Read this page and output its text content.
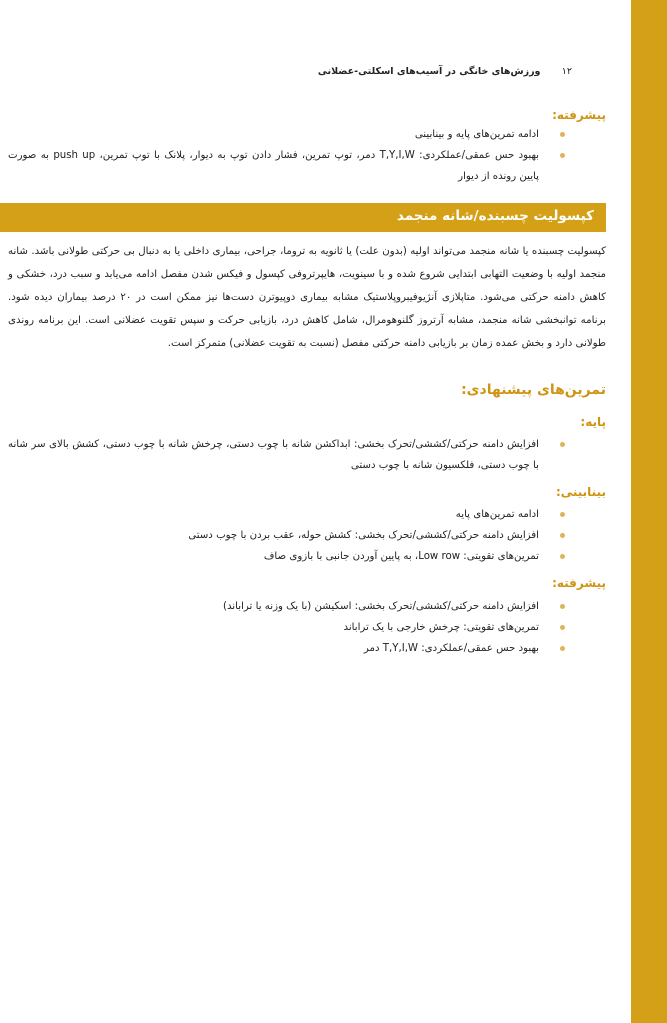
۱۲ ورزش‌های خانگی در آسیب‌های اسکلتی-عضلانی
پیشرفته:
ادامه تمرین‌های پایه و بینابینی
بهبود حس عمقی/عملکردی: T,Y,I,W دمر، توپ تمرین، فشار دادن توپ به دیوار، پلانک با توپ تمرین، push up به صورت پایین رونده از دیوار
کپسولیت چسبنده/شانه منجمد

کپسولیت چسبنده یا شانه منجمد می‌تواند اولیه (بدون علت) یا ثانویه به تروما، جراحی، بیماری داخلی یا به دنبال بی حرکتی طولانی باشد. شانه منجمد اولیه با وضعیت التهابی ابتدایی شروع شده و با سینویت، هایپرتروفی کپسول و فیکس شدن مفصل ادامه می‌یابد و سبب درد، خشکی و کاهش دامنه حرکتی می‌شود. متاپلازی آنژیوفیبروپلاستیک مشابه بیماری دوپیوترن دست‌ها نیز ممکن است در ۲۰ درصد بیماران دیده شود. برنامه توانبخشی شانه منجمد، مشابه آرتروز گلنوهومرال، شامل کاهش درد، بازیابی حرکت و سپس تقویت عضلانی است. این برنامه روندی طولانی دارد و بخش عمده زمان بر بازیابی دامنه حرکتی مفصل (نسبت به تقویت عضلانی) متمرکز است.

تمرین‌های پیشنهادی:
پایه:
افزایش دامنه حرکتی/کششی/تحرک بخشی: ابداکشن شانه با چوب دستی، چرخش شانه با چوب دستی، کشش بالای سر شانه با چوب دستی، فلکسیون شانه با چوب دستی
بینابینی:
ادامه تمرین‌های پایه
افزایش دامنه حرکتی/کششی/تحرک بخشی: کشش حوله، عقب بردن با چوب دستی
تمرین‌های تقویتی: Low row، به پایین آوردن جانبی با بازوی صاف
پیشرفته:
افزایش دامنه حرکتی/کششی/تحرک بخشی: اسکیشن (با یک وزنه یا تراباند)
تمرین‌های تقویتی: چرخش خارجی با یک تراباند
بهبود حس عمقی/عملکردی: T,Y,I,W دمر
